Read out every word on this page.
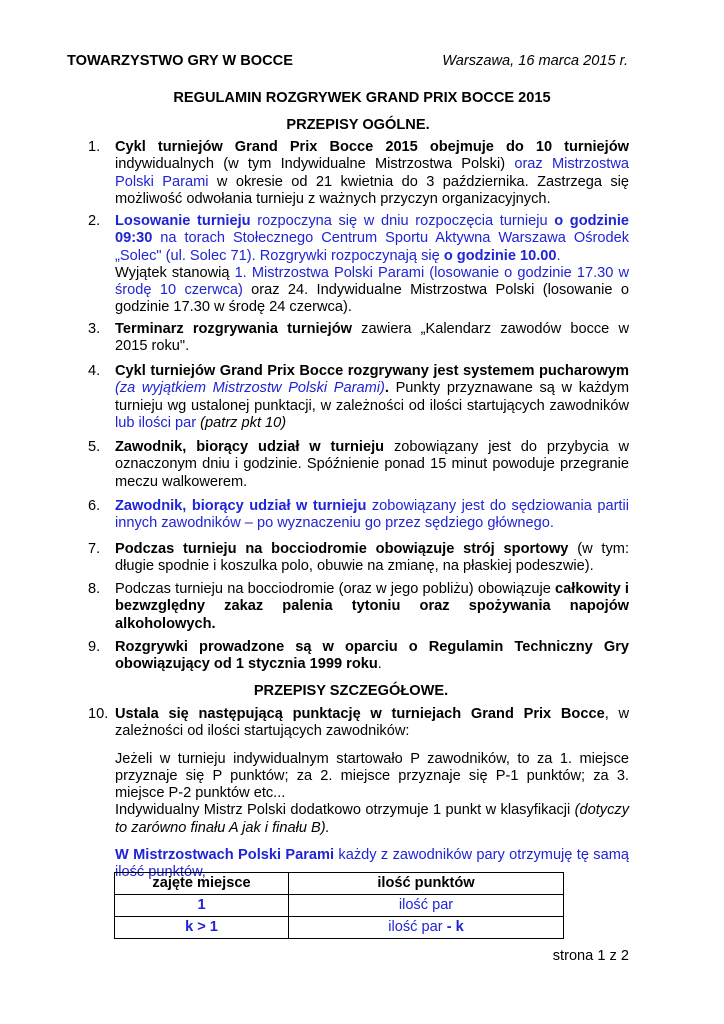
TOWARZYSTWO GRY W BOCCE	Warszawa, 16 marca 2015 r.
REGULAMIN ROZGRYWEK GRAND PRIX BOCCE 2015
PRZEPISY OGÓLNE.
1. Cykl turniejów Grand Prix Bocce 2015 obejmuje do 10 turniejów indywidualnych (w tym Indywidualne Mistrzostwa Polski) oraz Mistrzostwa Polski Parami w okresie od 21 kwietnia do 3 października. Zastrzega się możliwość odwołania turnieju z ważnych przyczyn organizacyjnych.
2. Losowanie turnieju rozpoczyna się w dniu rozpoczęcia turnieju o godzinie 09:30 na torach Stołecznego Centrum Sportu Aktywna Warszawa Ośrodek „Solec" (ul. Solec 71). Rozgrywki rozpoczynają się o godzinie 10.00.
Wyjątek stanowią 1. Mistrzostwa Polski Parami (losowanie o godzinie 17.30 w środę 10 czerwca) oraz 24. Indywidualne Mistrzostwa Polski (losowanie o godzinie 17.30 w środę 24 czerwca).
3. Terminarz rozgrywania turniejów zawiera „Kalendarz zawodów bocce w 2015 roku".
4. Cykl turniejów Grand Prix Bocce rozgrywany jest systemem pucharowym (za wyjątkiem Mistrzostw Polski Parami). Punkty przyznawane są w każdym turnieju wg ustalonej punktacji, w zależności od ilości startujących zawodników lub ilości par (patrz pkt 10)
5. Zawodnik, biorący udział w turnieju zobowiązany jest do przybycia w oznaczonym dniu i godzinie. Spóźnienie ponad 15 minut powoduje przegranie meczu walkowerem.
6. Zawodnik, biorący udział w turnieju zobowiązany jest do sędziowania partii innych zawodników – po wyznaczeniu go przez sędziego głównego.
7. Podczas turnieju na bocciodromie obowiązuje strój sportowy (w tym: długie spodnie i koszulka polo, obuwie na zmianę, na płaskiej podeszwie).
8. Podczas turnieju na bocciodromie (oraz w jego pobliżu) obowiązuje całkowity i bezwzględny zakaz palenia tytoniu oraz spożywania napojów alkoholowych.
9. Rozgrywki prowadzone są w oparciu o Regulamin Techniczny Gry obowiązujący od 1 stycznia 1999 roku.
PRZEPISY SZCZEGÓŁOWE.
10. Ustala się następującą punktację w turniejach Grand Prix Bocce, w zależności od ilości startujących zawodników:
Jeżeli w turnieju indywidualnym startowało P zawodników, to za 1. miejsce przyznaje się P punktów; za 2. miejsce przyznaje się P-1 punktów; za 3. miejsce P-2 punktów etc...
Indywidualny Mistrz Polski dodatkowo otrzymuje 1 punkt w klasyfikacji (dotyczy to zarówno finału A jak i finału B).
W Mistrzostwach Polski Parami każdy z zawodników pary otrzymuję tę samą ilość punktów,
zajęte miejsce	ilość punktów
1	ilość par
k > 1	ilość par - k
strona 1 z 2
